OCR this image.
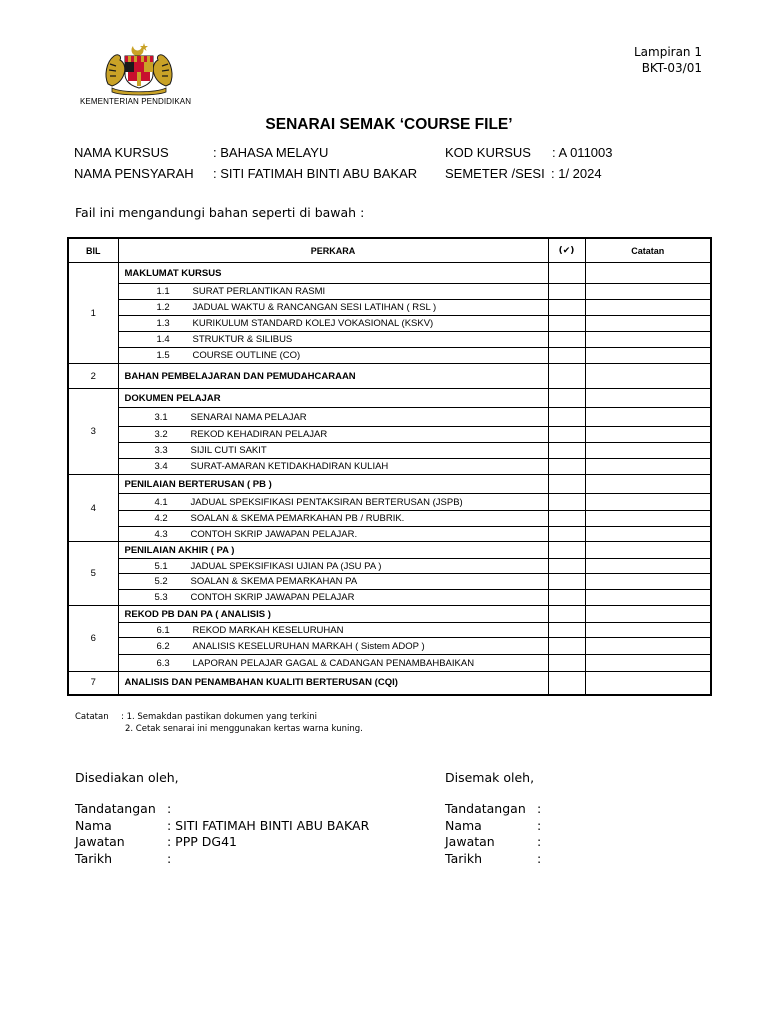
KEMENTERIAN PENDIDIKAN
Lampiran 1
BKT-03/01
SENARAI SEMAK ‘COURSE FILE’
NAMA KURSUS	: BAHASA MELAYU	KOD KURSUS : A 011003
NAMA PENSYARAH : SITI FATIMAH BINTI ABU BAKAR SEMETER /SESI : 1/ 2024
Fail ini mengandungi bahan seperti di bawah :
BIL	PERKARA	(✔)	Catatan
1	MAKLUMAT KURSUS		
	1.1 SURAT PERLANTIKAN RASMI		
	1.2 JADUAL WAKTU & RANCANGAN SESI LATIHAN ( RSL )		
	1.3 KURIKULUM STANDARD KOLEJ VOKASIONAL (KSKV)		
	1.4 STRUKTUR & SILIBUS		
	1.5 COURSE OUTLINE (CO)		
2	BAHAN PEMBELAJARAN DAN PEMUDAHCARAAN		
3	DOKUMEN PELAJAR		
	3.1 SENARAI NAMA PELAJAR		
	3.2 REKOD KEHADIRAN PELAJAR		
	3.3 SIJIL CUTI SAKIT		
	3.4 SURAT-AMARAN KETIDAKHADIRAN KULIAH		
4	PENILAIAN BERTERUSAN ( PB )		
	4.1 JADUAL SPEKSIFIKASI PENTAKSIRAN BERTERUSAN (JSPB)		
	4.2 SOALAN & SKEMA PEMARKAHAN PB / RUBRIK.		
	4.3 CONTOH SKRIP JAWAPAN PELAJAR.		
5	PENILAIAN AKHIR ( PA )		
	5.1 JADUAL SPEKSIFIKASI UJIAN PA (JSU PA )		
	5.2 SOALAN & SKEMA PEMARKAHAN PA		
	5.3 CONTOH SKRIP JAWAPAN PELAJAR		
6	REKOD PB DAN PA ( ANALISIS )		
	6.1 REKOD MARKAH KESELURUHAN		
	6.2 ANALISIS KESELURUHAN MARKAH ( Sistem ADOP )		
	6.3 LAPORAN PELAJAR GAGAL & CADANGAN PENAMBAHBAIKAN		
7	ANALISIS DAN PENAMBAHAN KUALITI BERTERUSAN (CQI)		
Catatan : 1. Semakdan pastikan dokumen yang terkini
2. Cetak senarai ini menggunakan kertas warna kuning.
Disediakan oleh,	Disemak oleh,
Tandatangan :
Nama	: SITI FATIMAH BINTI ABU BAKAR
Jawatan	: PPP DG41
Tarikh	:
Tandatangan :
Nama	:
Jawatan	:
Tarikh	:
